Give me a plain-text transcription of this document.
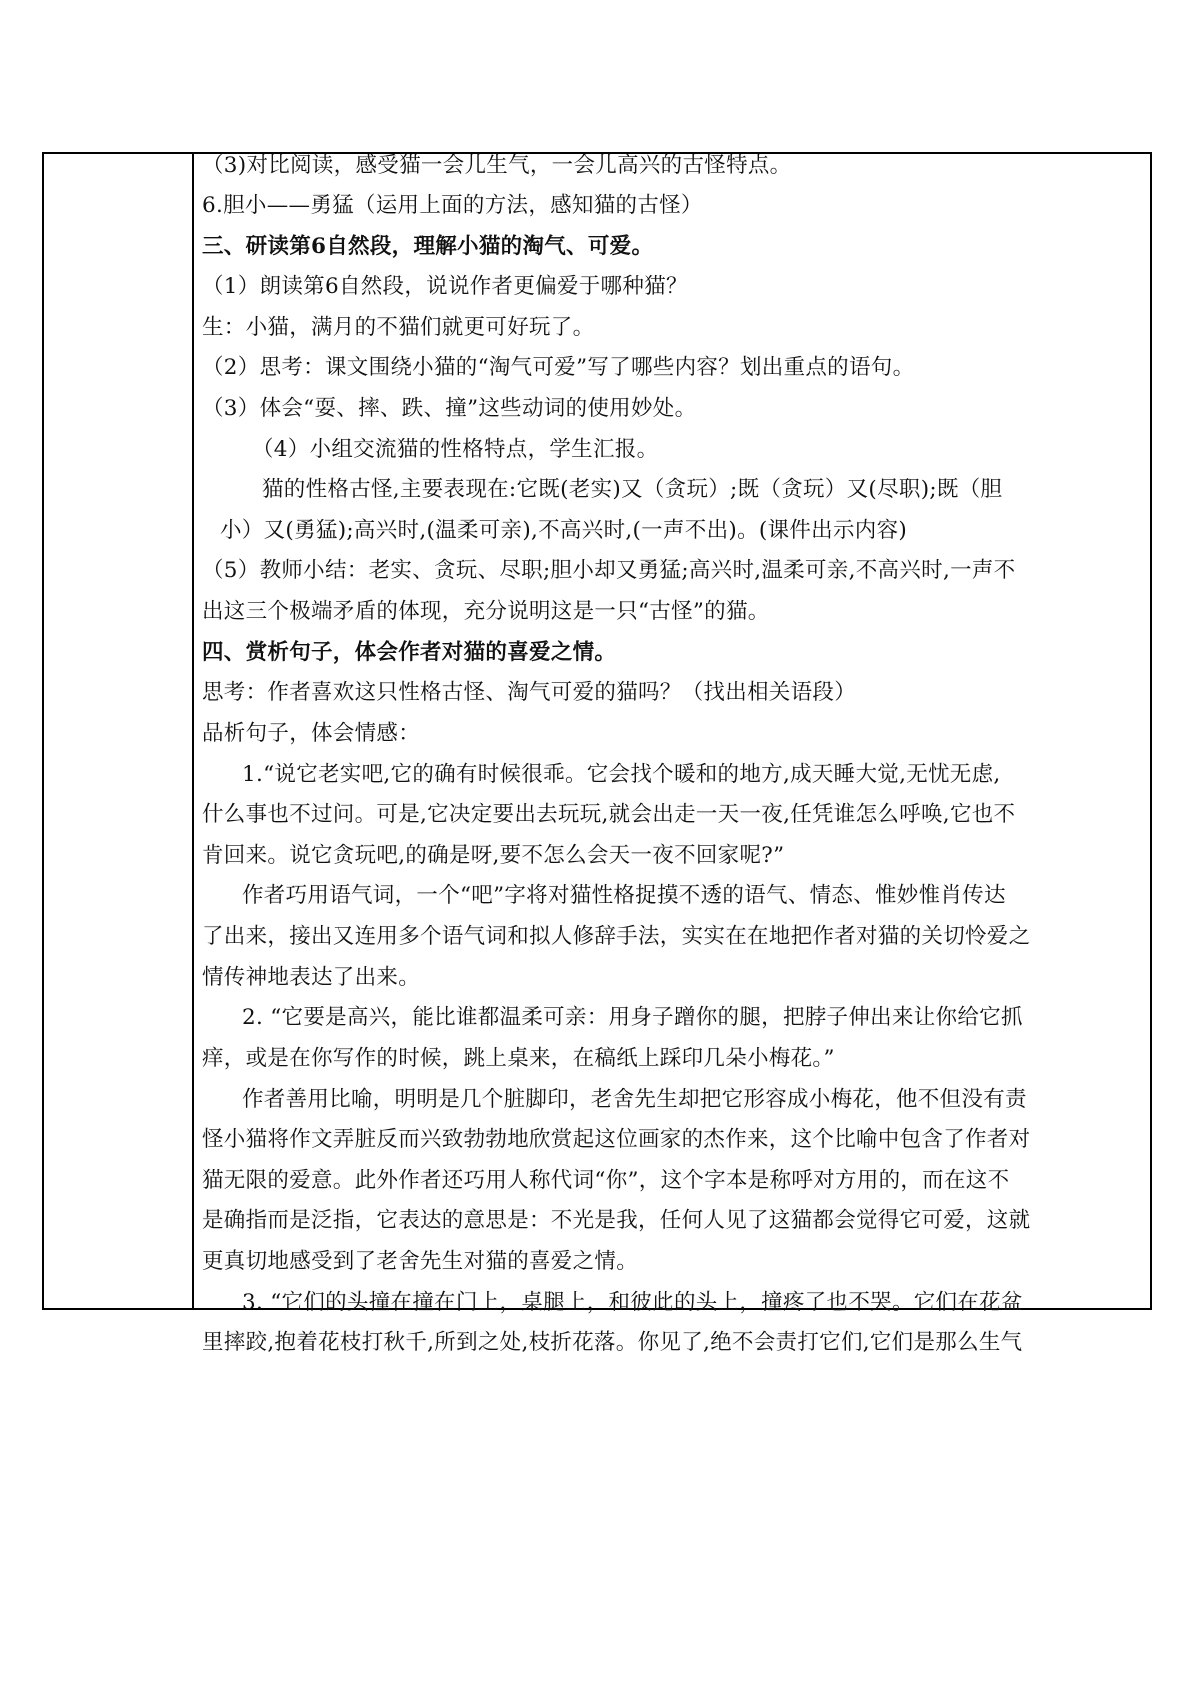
（3)对比阅读，感受猫一会儿生气，一会儿高兴的古怪特点。
6.胆小——勇猛（运用上面的方法，感知猫的古怪）
三、研读第6自然段，理解小猫的淘气、可爱。
（1）朗读第6自然段，说说作者更偏爱于哪种猫？
生：小猫，满月的不猫们就更可好玩了。
（2）思考：课文围绕小猫的“淘气可爱”写了哪些内容？划出重点的语句。
（3）体会“耍、摔、跌、撞”这些动词的使用妙处。
（4）小组交流猫的性格特点，学生汇报。
猫的性格古怪,主要表现在:它既(老实)又（贪玩）;既（贪玩）又(尽职);既（胆
小）又(勇猛);高兴时,(温柔可亲),不高兴时,(一声不出)。(课件出示内容)
（5）教师小结：老实、贪玩、尽职;胆小却又勇猛;高兴时,温柔可亲,不高兴时,一声不
出这三个极端矛盾的体现，充分说明这是一只“古怪”的猫。
四、赏析句子，体会作者对猫的喜爱之情。
思考：作者喜欢这只性格古怪、淘气可爱的猫吗？（找出相关语段）
品析句子，体会情感：
1.“说它老实吧,它的确有时候很乖。它会找个暖和的地方,成天睡大觉,无忧无虑,
什么事也不过问。可是,它决定要出去玩玩,就会出走一天一夜,任凭谁怎么呼唤,它也不
肯回来。说它贪玩吧,的确是呀,要不怎么会天一夜不回家呢?”
作者巧用语气词，一个“吧”字将对猫性格捉摸不透的语气、情态、惟妙惟肖传达
了出来，接出又连用多个语气词和拟人修辞手法，实实在在地把作者对猫的关切怜爱之
情传神地表达了出来。
2. “它要是高兴，能比谁都温柔可亲：用身子蹭你的腿，把脖子伸出来让你给它抓
痒，或是在你写作的时候，跳上桌来，在稿纸上踩印几朵小梅花。”
作者善用比喻，明明是几个脏脚印，老舍先生却把它形容成小梅花，他不但没有责
怪小猫将作文弄脏反而兴致勃勃地欣赏起这位画家的杰作来，这个比喻中包含了作者对
猫无限的爱意。此外作者还巧用人称代词“你”，这个字本是称呼对方用的，而在这不
是确指而是泛指，它表达的意思是：不光是我，任何人见了这猫都会觉得它可爱，这就
更真切地感受到了老舍先生对猫的喜爱之情。
3. “它们的头撞在撞在门上，桌腿上，和彼此的头上，撞疼了也不哭。它们在花盆
里摔跤,抱着花枝打秋千,所到之处,枝折花落。你见了,绝不会责打它们,它们是那么生气
